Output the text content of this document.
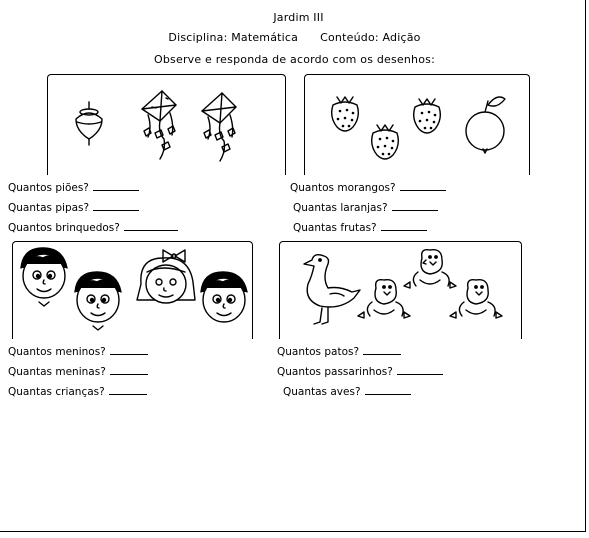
Jardim III
Disciplina: Matemática Conteúdo: Adição
Observe e responda de acordo com os desenhos:
Quantos piões?
Quantas pipas?
Quantos brinquedos?
Quantos morangos?
Quantas laranjas?
Quantas frutas?
Quantos meninos?
Quantas meninas?
Quantas crianças?
Quantos patos?
Quantos passarinhos?
Quantas aves?
